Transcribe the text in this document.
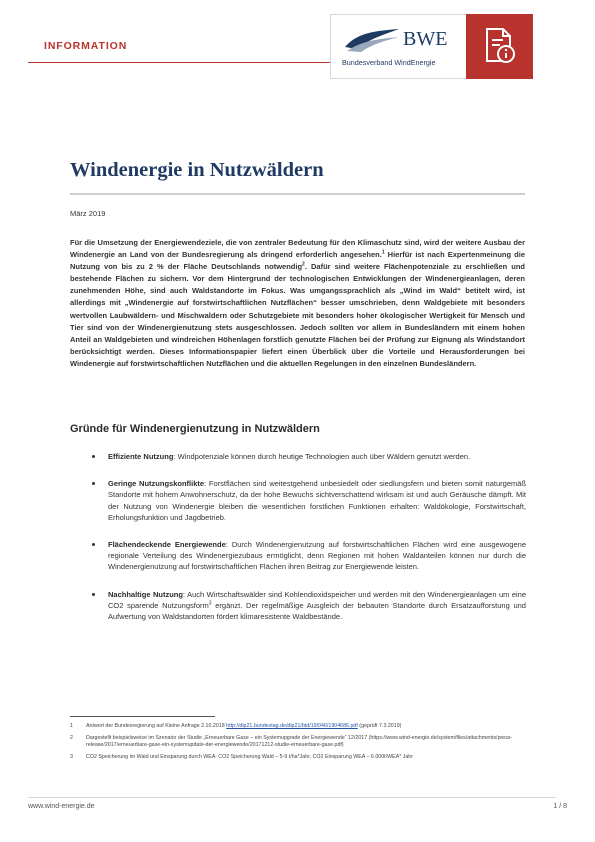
INFORMATION	BWE
Bundesverband WindEnergie
Windenergie in Nutzwäldern
März 2019

Für die Umsetzung der Energiewendeziele, die von zentraler Bedeutung für den Klimaschutz sind, wird der weitere Ausbau der Windenergie an Land von der Bundesregierung als dringend erforderlich angesehen.$^1$ Hierfür ist nach Expertenmeinung die Nutzung von bis zu 2 % der Fläche Deutschlands notwendig$^2$. Dafür sind weitere Flächenpotenziale zu erschließen und bestehende Flächen zu sichern. Vor dem Hintergrund der technologischen Entwicklungen der Windenergieanlagen, deren zunehmenden Höhe, sind auch Waldstandorte im Fokus. Was umgangssprachlich als „Wind im Wald“ betitelt wird, ist allerdings mit „Windenergie auf forstwirtschaftlichen Nutzflächen“ besser umschrieben, denn Waldgebiete mit besonders wertvollen Laubwäldern- und Mischwaldern oder Schutzgebiete mit besonders hoher ökologischer Wertigkeit für Mensch und Tier sind von der Windenergienutzung stets ausgeschlossen. Jedoch sollten vor allem in Bundesländern mit einem hohen Anteil an Waldgebieten und windreichen Höhenlagen forstlich genutzte Flächen bei der Prüfung zur Eignung als Windstandort berücksichtigt werden. Dieses Informationspapier liefert einen Überblick über die Vorteile und Herausforderungen bei Windenergie auf forstwirtschaftlichen Nutzflächen und die aktuellen Regelungen in den einzelnen Bundesländern.

Gründe für Windenergienutzung in Nutzwäldern
Effiziente Nutzung: Windpotenziale können durch heutige Technologien auch über Wäldern genutzt werden.
Geringe Nutzungskonflikte: Forstflächen sind weitestgehend unbesiedelt oder siedlungsfern und bieten somit naturgemäß Standorte mit hohem Anwohnerschutz, da der hohe Bewuchs sichtverschattend wirksam ist und auch Geräusche dämpft. Mit der Nutzung von Windenergie bleiben die wesentlichen forstlichen Funktionen erhalten: Waldökologie, Forstwirtschaft, Erholungsfunktion und Jagdbetrieb.
Flächendeckende Energiewende: Durch Windenergienutzung auf forstwirtschaftlichen Flächen wird eine ausgewogene regionale Verteilung des Windenergiezubaus ermöglicht, denn Regionen mit hohen Waldanteilen können nur durch die Windenergienutzung auf forstwirtschaftlichen Flächen ihren Beitrag zur Energiewende leisten.
Nachhaltige Nutzung: Auch Wirtschaftswälder sind Kohlendioxidspeicher und werden mit den Windenergieanlagen um eine CO2 sparende Nutzungsform$^3$ ergänzt. Der regelmäßige Ausgleich der bebauten Standorte durch Ersatzaufforstung und Aufwertung von Waldstandorten fördert klimaresistente Waldbestände.
1 Antwort der Bundesregierung auf Kleine Anfrage 2.10.2018 http://dip21.bundestag.de/dip21/btd/19/046/1904686.pdf (geprüft 7.3.2019)
2 Dargestellt beispielsweise im Szenario der Studie „Erneuerbare Gase – ein Systemupgrade der Energiewende“ 12/2017 (https://www.wind-energie.de/system/files/attachments/press-release/2017/erneuerbare-gase-ein-systemupdate-der-energiewende/20171212-studie-erneuerbare-gase.pdf)
3 CO2 Speicherung im Wald und Einsparung durch WEA: CO2 Speicherung Wald – 5-9 t/ha*Jahr, CO2 Einsparung WEA – 6.000t/WEA* Jahr
www.wind-energie.de	1 / 8
